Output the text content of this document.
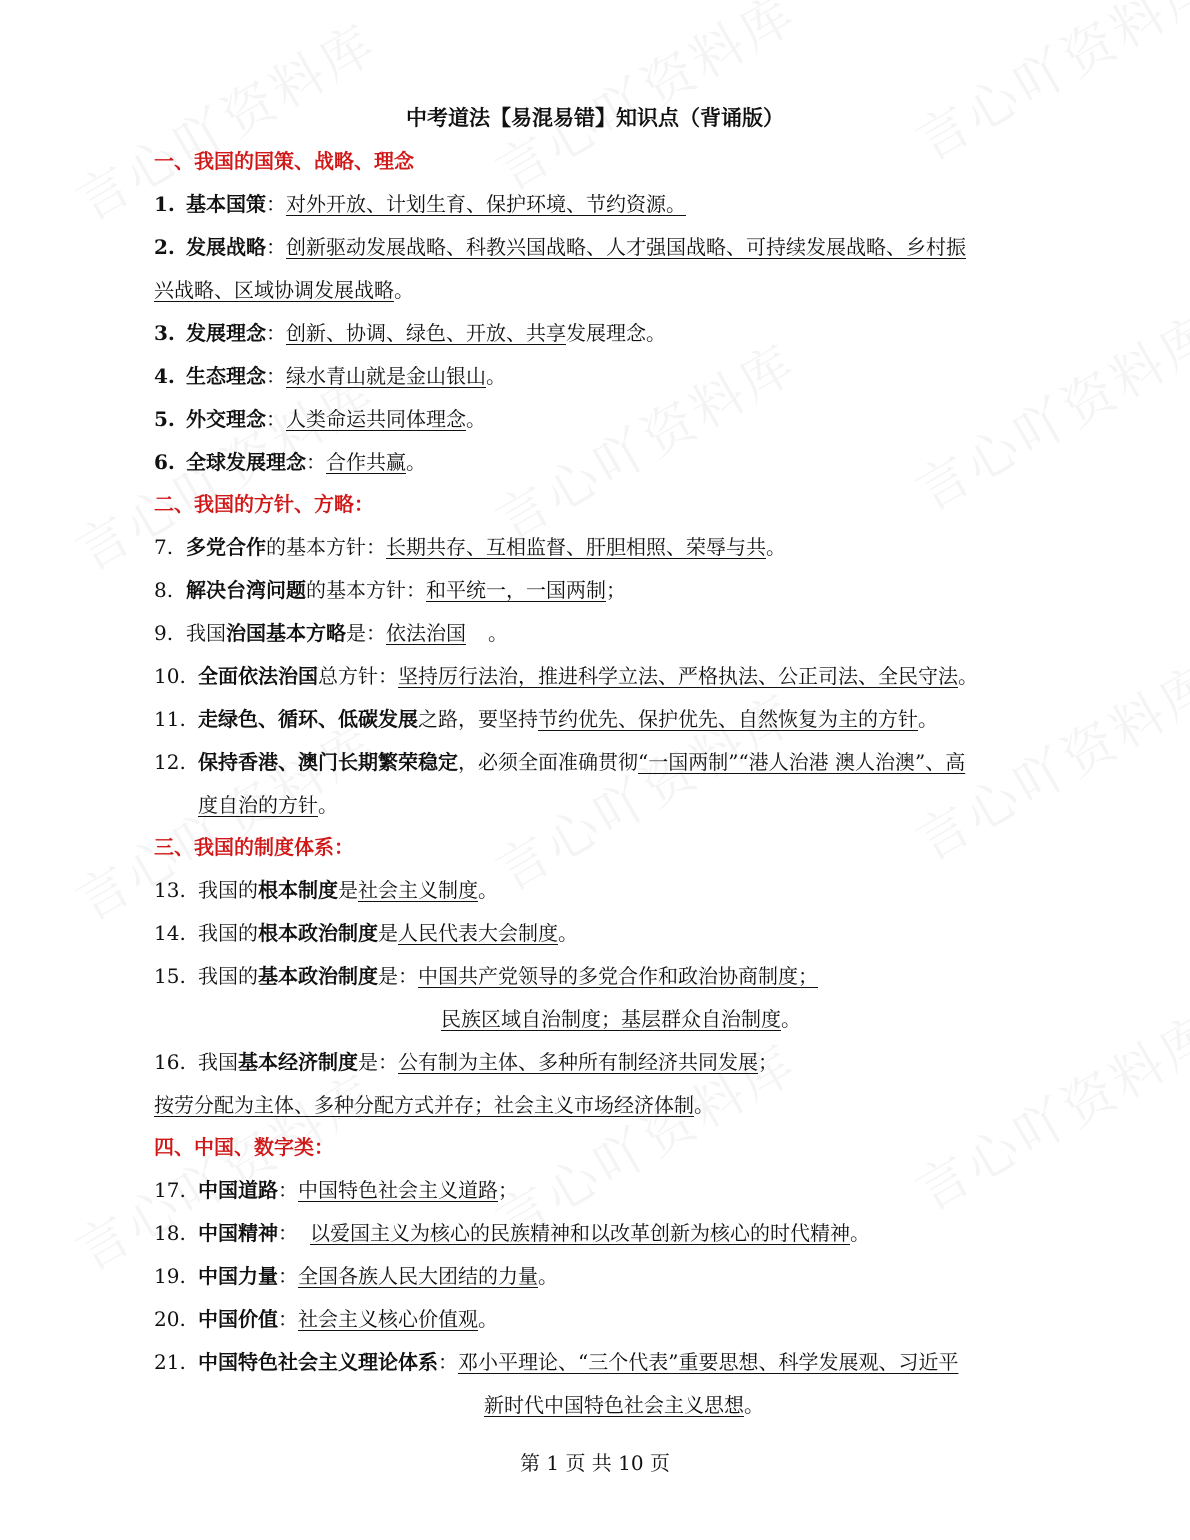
中考道法【易混易错】知识点（背诵版）
一、我国的国策、战略、理念
1. 基本国策：对外开放、计划生育、保护环境、节约资源。
2. 发展战略：创新驱动发展战略、科教兴国战略、人才强国战略、可持续发展战略、乡村振
兴战略、区域协调发展战略。
3. 发展理念：创新、协调、绿色、开放、共享发展理念。
4. 生态理念：绿水青山就是金山银山。
5. 外交理念：人类命运共同体理念。
6. 全球发展理念：合作共赢。
二、我国的方针、方略：
7. 多党合作的基本方针：长期共存、互相监督、肝胆相照、荣辱与共。
8. 解决台湾问题的基本方针：和平统一，一国两制；
9. 我国治国基本方略是：依法治国 。
10. 全面依法治国总方针：坚持厉行法治，推进科学立法、严格执法、公正司法、全民守法。
11. 走绿色、循环、低碳发展之路，要坚持节约优先、保护优先、自然恢复为主的方针。
12. 保持香港、澳门长期繁荣稳定，必须全面准确贯彻“一国两制”“港人治港 澳人治澳”、高
度自治的方针。
三、我国的制度体系：
13. 我国的根本制度是社会主义制度。
14. 我国的根本政治制度是人民代表大会制度。
15. 我国的基本政治制度是：中国共产党领导的多党合作和政治协商制度；
民族区域自治制度；基层群众自治制度。
16. 我国基本经济制度是：公有制为主体、多种所有制经济共同发展；
按劳分配为主体、多种分配方式并存；社会主义市场经济体制。
四、中国、数字类：
17. 中国道路：中国特色社会主义道路；
18. 中国精神： 以爱国主义为核心的民族精神和以改革创新为核心的时代精神。
19. 中国力量：全国各族人民大团结的力量。
20. 中国价值：社会主义核心价值观。
21. 中国特色社会主义理论体系：邓小平理论、“三个代表”重要思想、科学发展观、习近平
新时代中国特色社会主义思想。
第 1 页 共 10 页
